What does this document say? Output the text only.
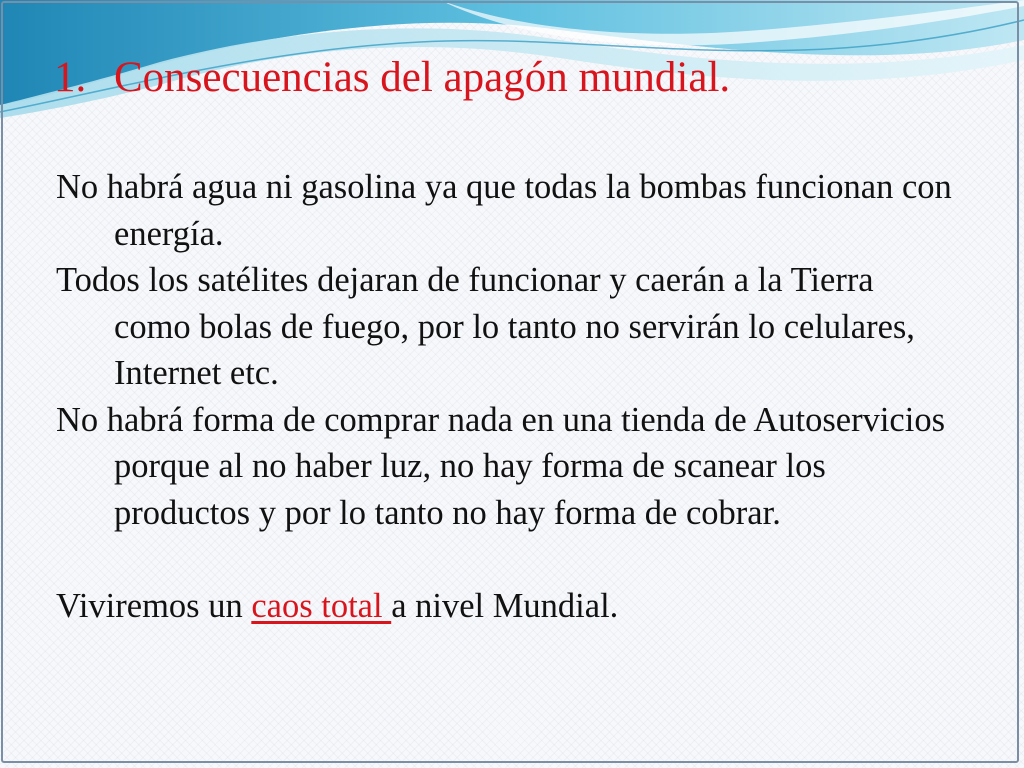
1. Consecuencias del apagón mundial.

No habrá agua ni gasolina ya que todas la bombas funcionan con energía.

Todos los satélites dejaran de funcionar y caerán a la Tierra como bolas de fuego, por lo tanto no servirán lo celulares, Internet etc.

No habrá forma de comprar nada en una tienda de Autoservicios porque al no haber luz, no hay forma de scanear los productos y por lo tanto no hay forma de cobrar.

Viviremos un caos total a nivel Mundial.
